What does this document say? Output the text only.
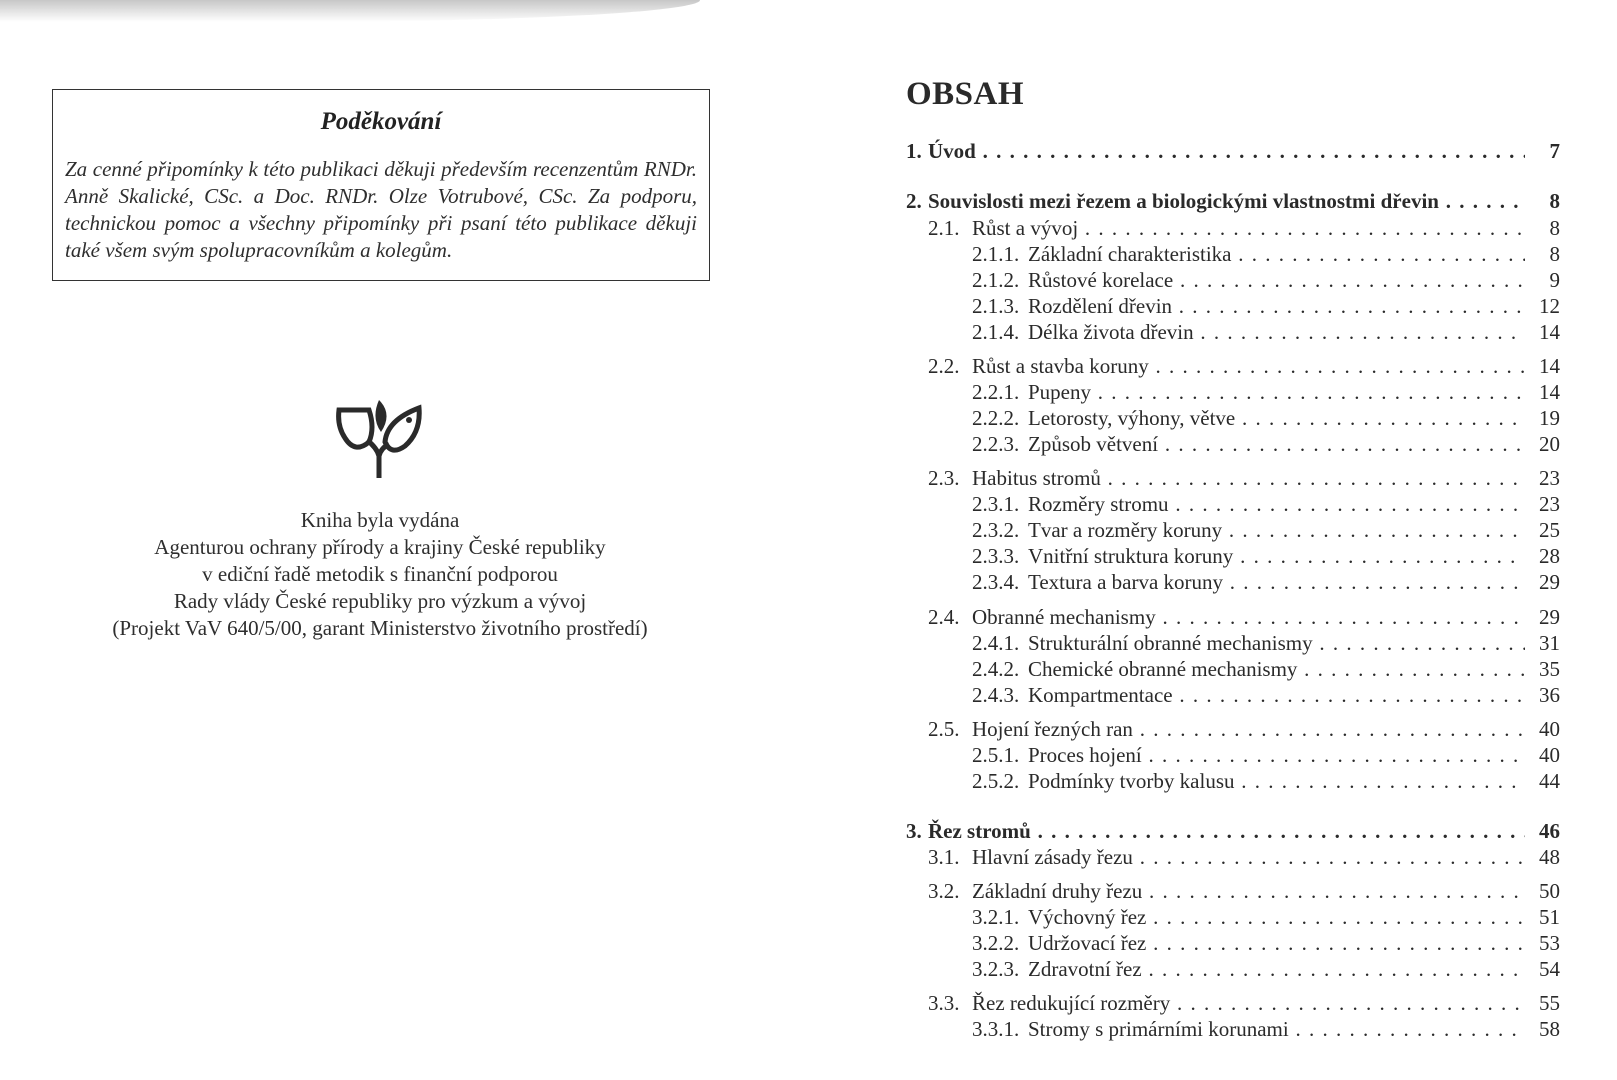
Poděkování
Za cenné připomínky k této publikaci děkuji především recenzentům RNDr. Anně Skalické, CSc. a Doc. RNDr. Olze Votrubové, CSc. Za podporu, technickou pomoc a všechny připomínky při psaní této publikace děkuji také všem svým spolupracovníkům a kolegům.
Kniha byla vydána
Agenturou ochrany přírody a krajiny České republiky
v ediční řadě metodik s finanční podporou
Rady vlády České republiky pro výzkum a vývoj
(Projekt VaV 640/5/00, garant Ministerstvo životního prostředí)
OBSAH
1. Úvod . . .	7
2. Souvislosti mezi řezem a biologickými vlastnostmi dřevin . . .	8
2.1. Růst a vývoj . . .	8
2.1.1. Základní charakteristika . . .	8
2.1.2. Růstové korelace . . .	9
2.1.3. Rozdělení dřevin . . .	12
2.1.4. Délka života dřevin . . .	14
2.2. Růst a stavba koruny . . .	14
2.2.1. Pupeny . . .	14
2.2.2. Letorosty, výhony, větve . . .	19
2.2.3. Způsob větvení . . .	20
2.3. Habitus stromů . . .	23
2.3.1. Rozměry stromu . . .	23
2.3.2. Tvar a rozměry koruny . . .	25
2.3.3. Vnitřní struktura koruny . . .	28
2.3.4. Textura a barva koruny . . .	29
2.4. Obranné mechanismy . . .	29
2.4.1. Strukturální obranné mechanismy . . .	31
2.4.2. Chemické obranné mechanismy . . .	35
2.4.3. Kompartmentace . . .	36
2.5. Hojení řezných ran . . .	40
2.5.1. Proces hojení . . .	40
2.5.2. Podmínky tvorby kalusu . . .	44
3. Řez stromů . . .	46
3.1. Hlavní zásady řezu . . .	48
3.2. Základní druhy řezu . . .	50
3.2.1. Výchovný řez . . .	51
3.2.2. Udržovací řez . . .	53
3.2.3. Zdravotní řez . . .	54
3.3. Řez redukující rozměry . . .	55
3.3.1. Stromy s primárními korunami . . .	58
